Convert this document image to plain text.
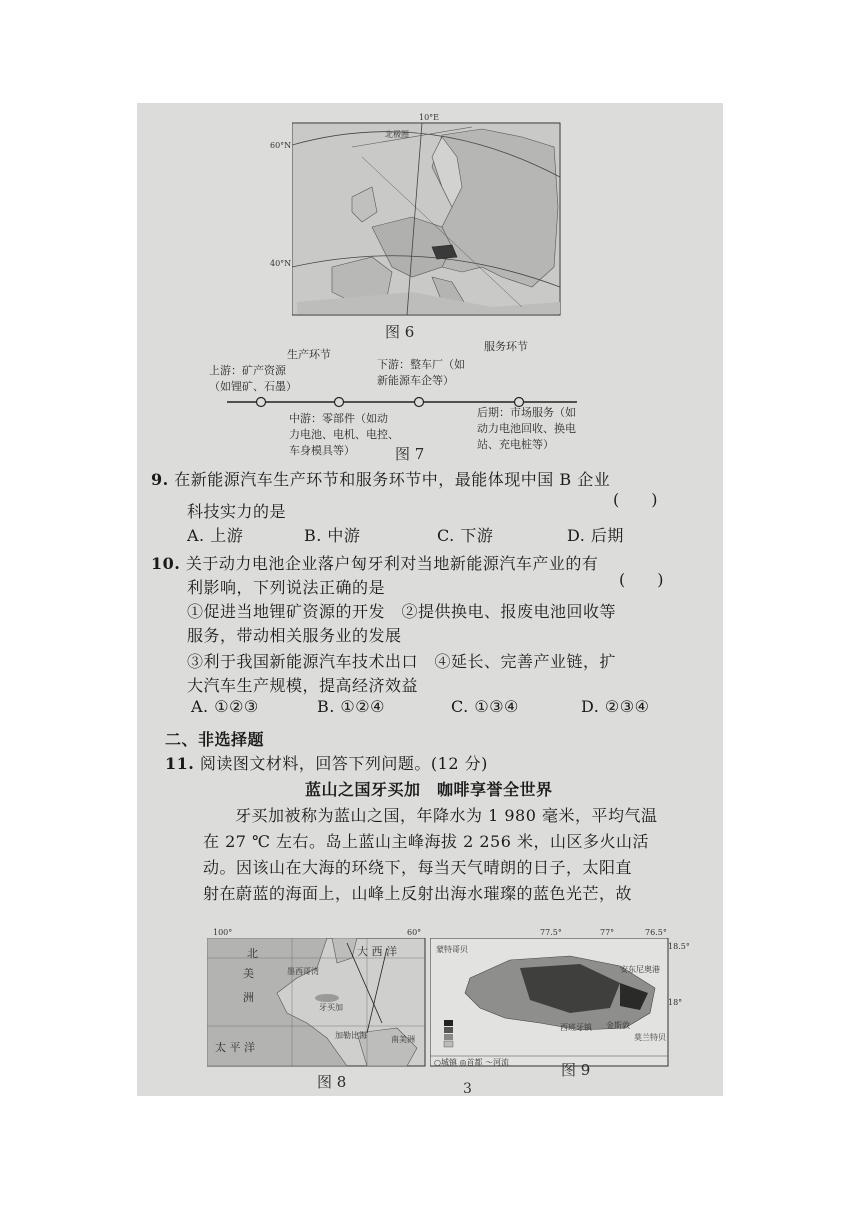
60°N
40°N
10°E
北极圈
图 6
生产环节
服务环节
上游：矿产资源
（如锂矿、石墨）
下游：整车厂（如
新能源车企等）
中游：零部件（如动
力电池、电机、电控、
车身模具等）
后期：市场服务（如
动力电池回收、换电
站、充电桩等）
图 7
9. 在新能源汽车生产环节和服务环节中，最能体现中国 B 企业
(　　)
科技实力的是
A. 上游	B. 中游	C. 下游	D. 后期
10. 关于动力电池企业落户匈牙利对当地新能源汽车产业的有
利影响，下列说法正确的是	(　　)
①促进当地锂矿资源的开发　②提供换电、报废电池回收等
服务，带动相关服务业的发展
③利于我国新能源汽车技术出口　④延长、完善产业链，扩
大汽车生产规模，提高经济效益
A. ①②③	B. ①②④	C. ①③④	D. ②③④
二、非选择题
11. 阅读图文材料，回答下列问题。(12 分)
蓝山之国牙买加　咖啡享誉全世界
牙买加被称为蓝山之国，年降水为 1 980 毫米，平均气温
在 27 ℃ 左右。岛上蓝山主峰海拔 2 256 米，山区多火山活
动。因该山在大海的环绕下，每当天气晴朗的日子，太阳直
射在蔚蓝的海面上，山峰上反射出海水璀璨的蓝色光芒，故
北
美
洲
大 西 洋
墨西哥湾
牙买加
加勒比海
太 平 洋
南美洲
100°	60°
图 8
蒙特哥贝
安东尼奥港
西班牙镇 金斯敦
莫兰特贝
77.5°	77°	76.5°
18.5°
18°
○城镇 ◎首都 〜河流	图 9
3
